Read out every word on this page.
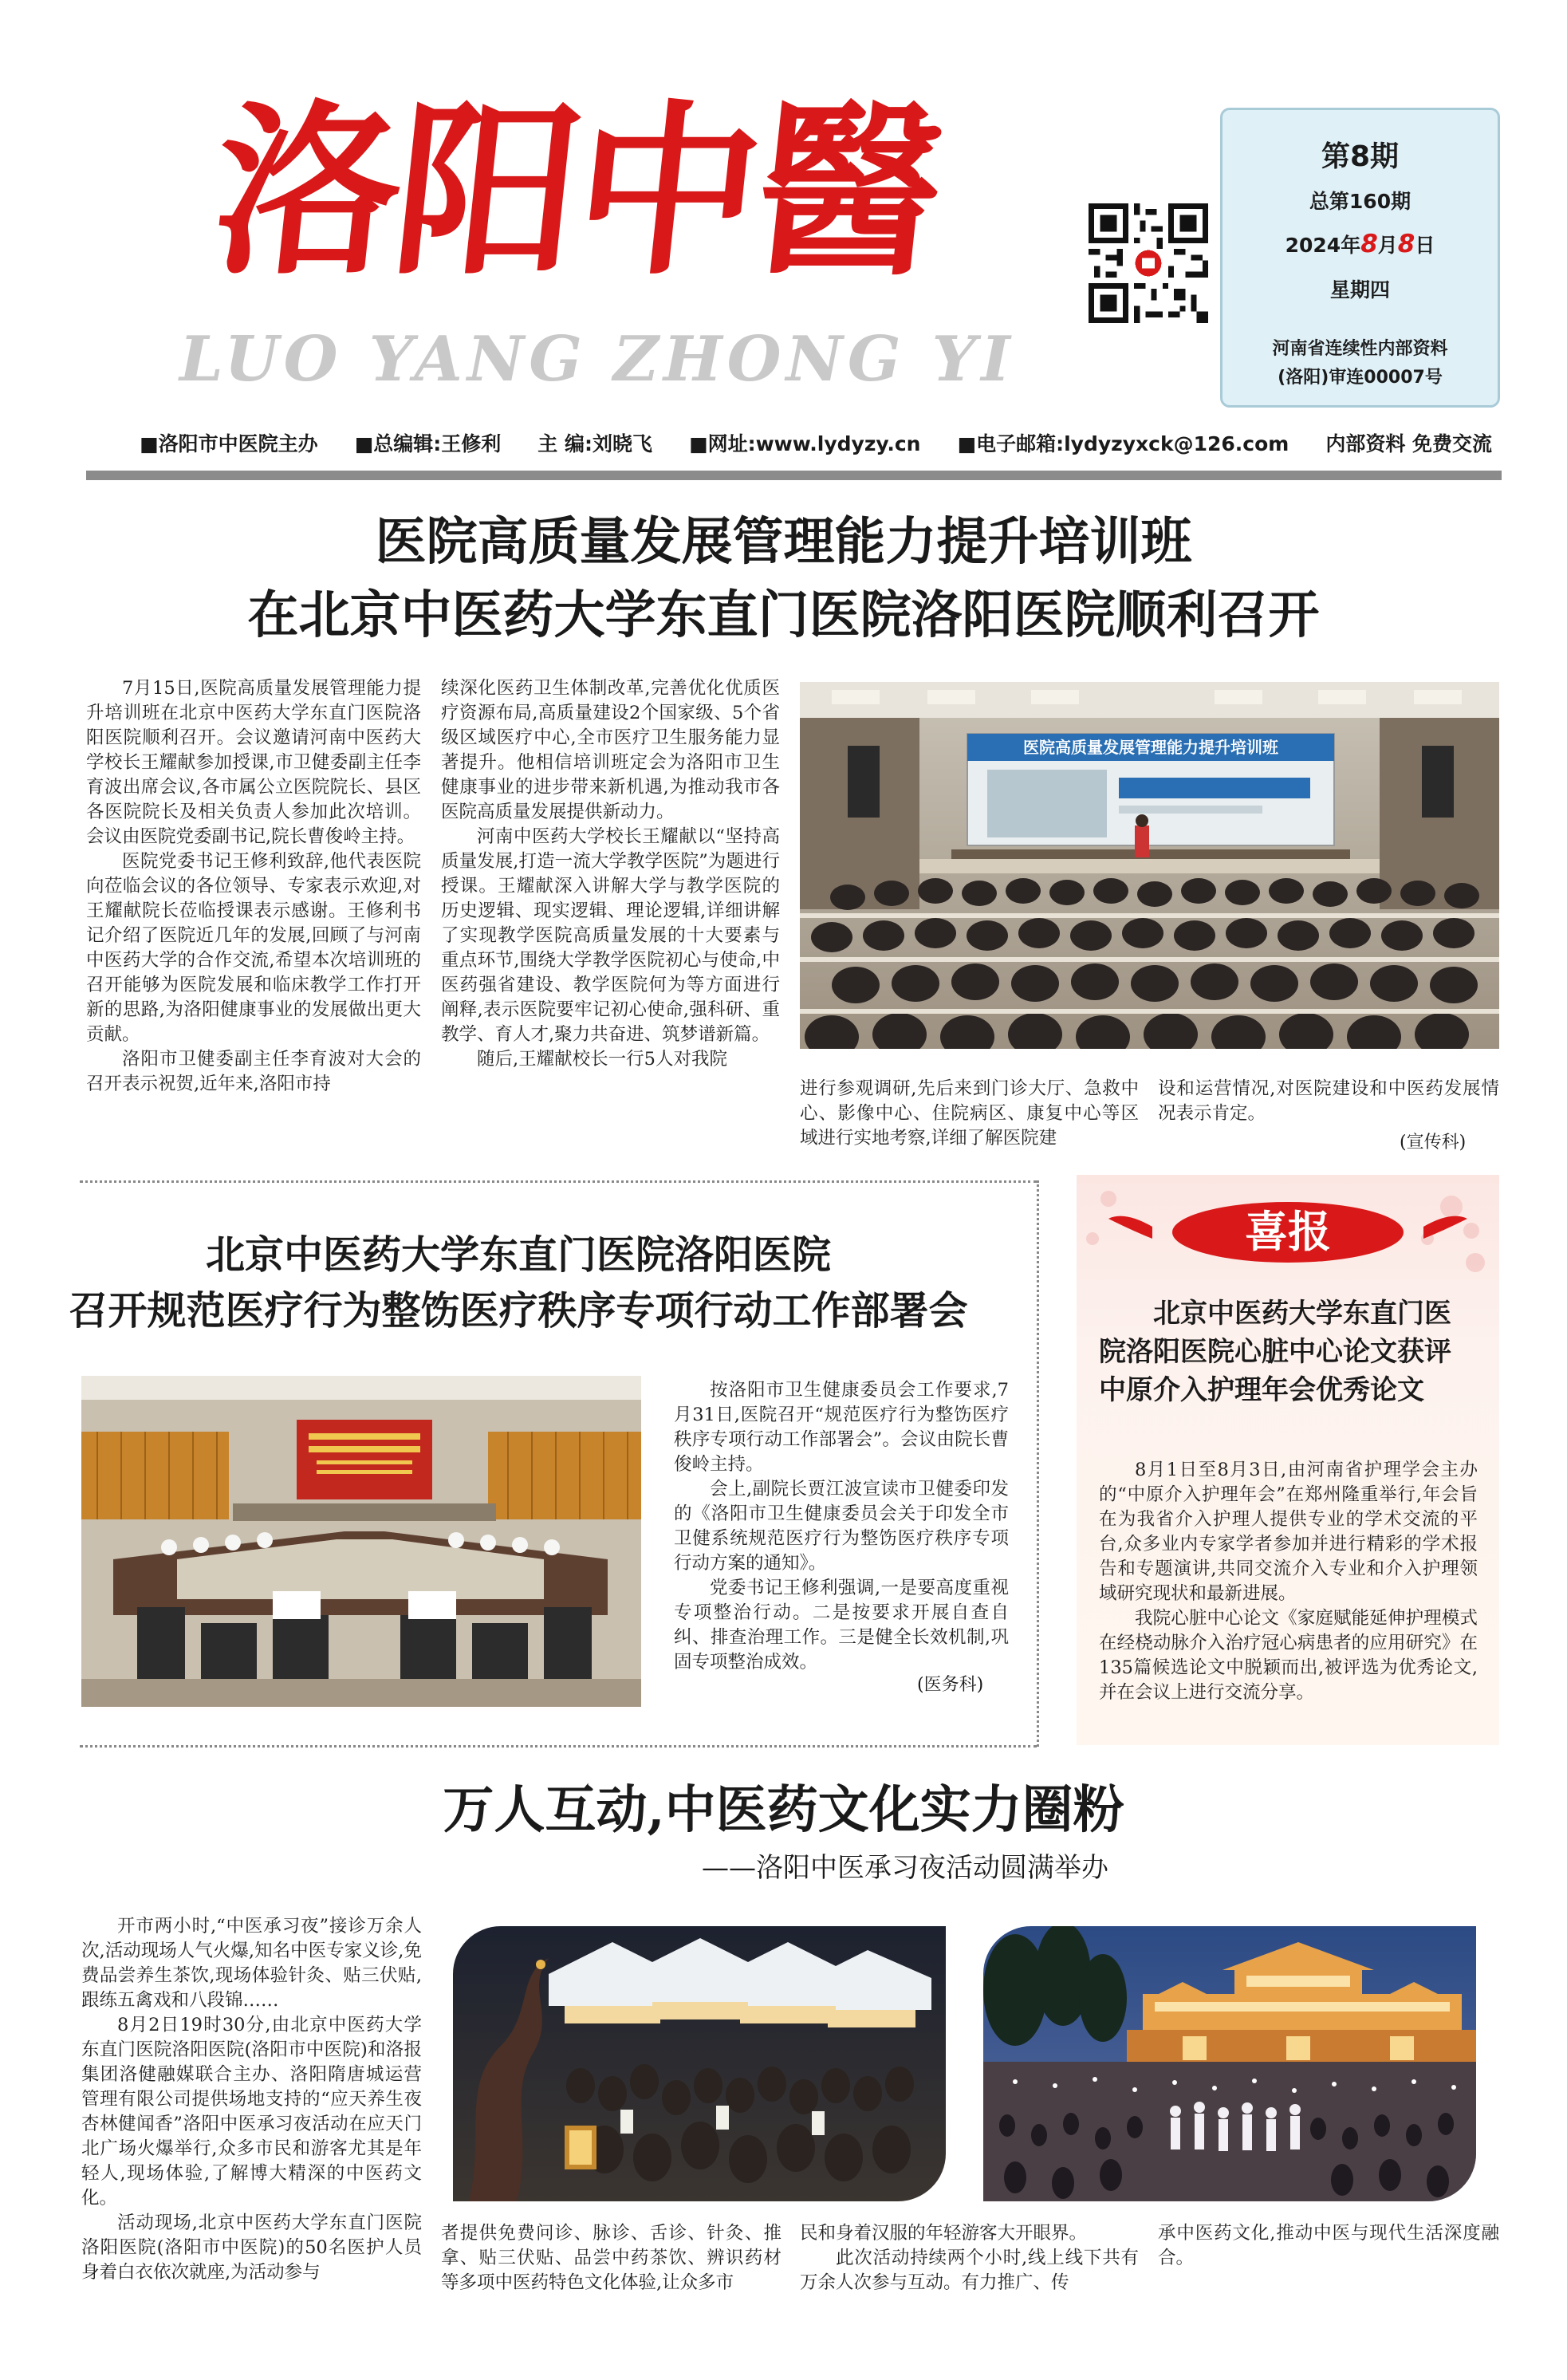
洛阳中醫
LUO YANG ZHONG YI
第8期
总第160期
2024年8月8日
星期四
河南省连续性内部资料
(洛阳)审连00007号
■洛阳市中医院主办 ■总编辑:王修利 主 编:刘晓飞 ■网址:www.lydyzy.cn ■电子邮箱:lydyzyxck@126.com 内部资料 免费交流
医院高质量发展管理能力提升培训班
在北京中医药大学东直门医院洛阳医院顺利召开

7月15日,医院高质量发展管理能力提升培训班在北京中医药大学东直门医院洛阳医院顺利召开。会议邀请河南中医药大学校长王耀献参加授课,市卫健委副主任李育波出席会议,各市属公立医院院长、县区各医院院长及相关负责人参加此次培训。会议由医院党委副书记,院长曹俊岭主持。

医院党委书记王修利致辞,他代表医院向莅临会议的各位领导、专家表示欢迎,对王耀献院长莅临授课表示感谢。王修利书记介绍了医院近几年的发展,回顾了与河南中医药大学的合作交流,希望本次培训班的召开能够为医院发展和临床教学工作打开新的思路,为洛阳健康事业的发展做出更大贡献。

洛阳市卫健委副主任李育波对大会的召开表示祝贺,近年来,洛阳市持

续深化医药卫生体制改革,完善优化优质医疗资源布局,高质量建设2个国家级、5个省级区域医疗中心,全市医疗卫生服务能力显著提升。他相信培训班定会为洛阳市卫生健康事业的进步带来新机遇,为推动我市各医院高质量发展提供新动力。

河南中医药大学校长王耀献以“坚持高质量发展,打造一流大学教学医院”为题进行授课。王耀献深入讲解大学与教学医院的历史逻辑、现实逻辑、理论逻辑,详细讲解了实现教学医院高质量发展的十大要素与重点环节,围绕大学教学医院初心与使命,中医药强省建设、教学医院何为等方面进行阐释,表示医院要牢记初心使命,强科研、重教学、育人才,聚力共奋进、筑梦谱新篇。

随后,王耀献校长一行5人对我院

医院高质量发展管理能力提升培训班

进行参观调研,先后来到门诊大厅、急救中心、影像中心、住院病区、康复中心等区域进行实地考察,详细了解医院建

设和运营情况,对医院建设和中医药发展情况表示肯定。

(宣传科)
北京中医药大学东直门医院洛阳医院
召开规范医疗行为整饬医疗秩序专项行动工作部署会

按洛阳市卫生健康委员会工作要求,7月31日,医院召开“规范医疗行为整饬医疗秩序专项行动工作部署会”。会议由院长曹俊岭主持。

会上,副院长贾江波宣读市卫健委印发的《洛阳市卫生健康委员会关于印发全市卫健系统规范医疗行为整饬医疗秩序专项行动方案的通知》。

党委书记王修利强调,一是要高度重视专项整治行动。二是按要求开展自查自纠、排查治理工作。三是健全长效机制,巩固专项整治成效。

(医务科)
喜报
北京中医药大学东直门医院洛阳医院心脏中心论文获评中原介入护理年会优秀论文

8月1日至8月3日,由河南省护理学会主办的“中原介入护理年会”在郑州隆重举行,年会旨在为我省介入护理人提供专业的学术交流的平台,众多业内专家学者参加并进行精彩的学术报告和专题演讲,共同交流介入专业和介入护理领域研究现状和最新进展。

我院心脏中心论文《家庭赋能延伸护理模式在经桡动脉介入治疗冠心病患者的应用研究》在135篇候选论文中脱颖而出,被评选为优秀论文,并在会议上进行交流分享。

万人互动,中医药文化实力圈粉
——洛阳中医承习夜活动圆满举办

开市两小时,“中医承习夜”接诊万余人次,活动现场人气火爆,知名中医专家义诊,免费品尝养生茶饮,现场体验针灸、贴三伏贴,跟练五禽戏和八段锦……

8月2日19时30分,由北京中医药大学东直门医院洛阳医院(洛阳市中医院)和洛报集团洛健融媒联合主办、洛阳隋唐城运营管理有限公司提供场地支持的“应天养生夜 杏林健闻香”洛阳中医承习夜活动在应天门北广场火爆举行,众多市民和游客尤其是年轻人,现场体验,了解博大精深的中医药文化。

活动现场,北京中医药大学东直门医院洛阳医院(洛阳市中医院)的50名医护人员身着白衣依次就座,为活动参与

者提供免费问诊、脉诊、舌诊、针灸、推拿、贴三伏贴、品尝中药茶饮、辨识药材等多项中医药特色文化体验,让众多市

民和身着汉服的年轻游客大开眼界。

此次活动持续两个小时,线上线下共有万余人次参与互动。有力推广、传

承中医药文化,推动中医与现代生活深度融合。
